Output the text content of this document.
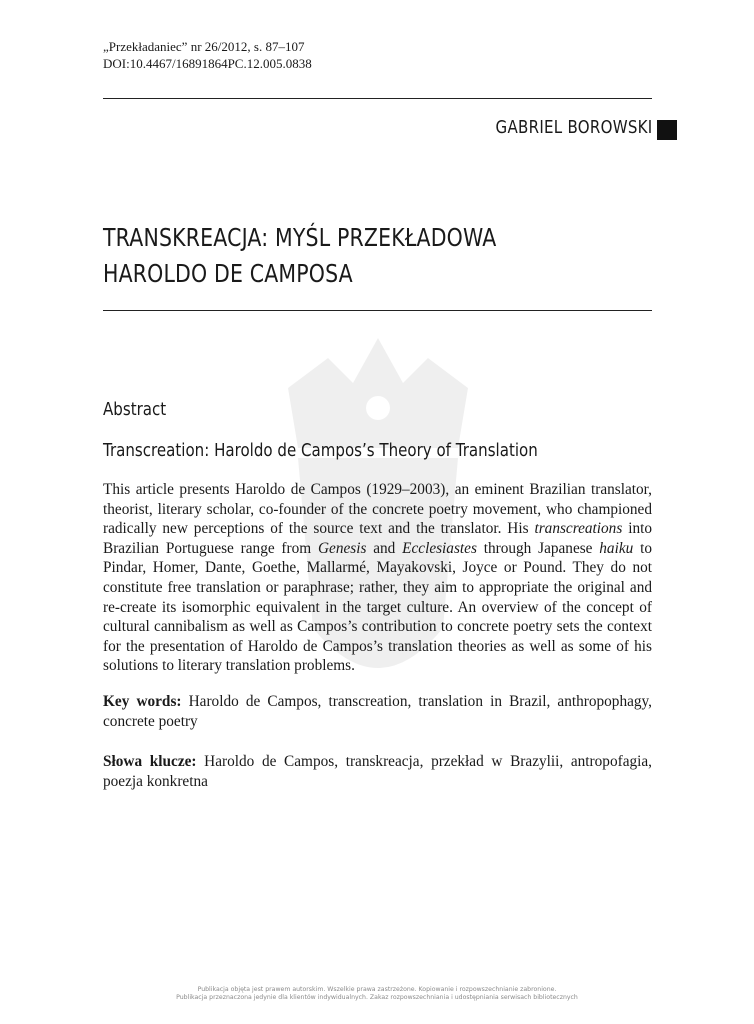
„Przekładaniec” nr 26/2012, s. 87–107
DOI:10.4467/16891864PC.12.005.0838
GABRIEL BOROWSKI
TRANSKREACJA: MYŚL PRZEKŁADOWA
HAROLDO DE CAMPOSA
Abstract
Transcreation: Haroldo de Campos’s Theory of Translation
This article presents Haroldo de Campos (1929–2003), an eminent Brazilian translator, theorist, literary scholar, co-founder of the concrete poetry movement, who championed radically new perceptions of the source text and the translator. His transcreations into Brazilian Portuguese range from Genesis and Ecclesiastes through Japanese haiku to Pindar, Homer, Dante, Goethe, Mallarmé, Mayakovski, Joyce or Pound. They do not constitute free translation or paraphrase; rather, they aim to appropriate the original and re-create its isomorphic equivalent in the target culture. An overview of the concept of cultural cannibalism as well as Campos’s contribution to concrete poetry sets the context for the presentation of Haroldo de Campos’s translation theories as well as some of his solutions to literary translation problems.
Key words: Haroldo de Campos, transcreation, translation in Brazil, anthropophagy, concrete poetry
Słowa klucze: Haroldo de Campos, transkreacja, przekład w Brazylii, antropofagia, poezja konkretna
Publikacja objęta jest prawem autorskim. Wszelkie prawa zastrzeżone. Kopiowanie i rozpowszechnianie zabronione.
Publikacja przeznaczona jedynie dla klientów indywidualnych. Zakaz rozpowszechniania i udostępniania serwisach bibliotecznych
